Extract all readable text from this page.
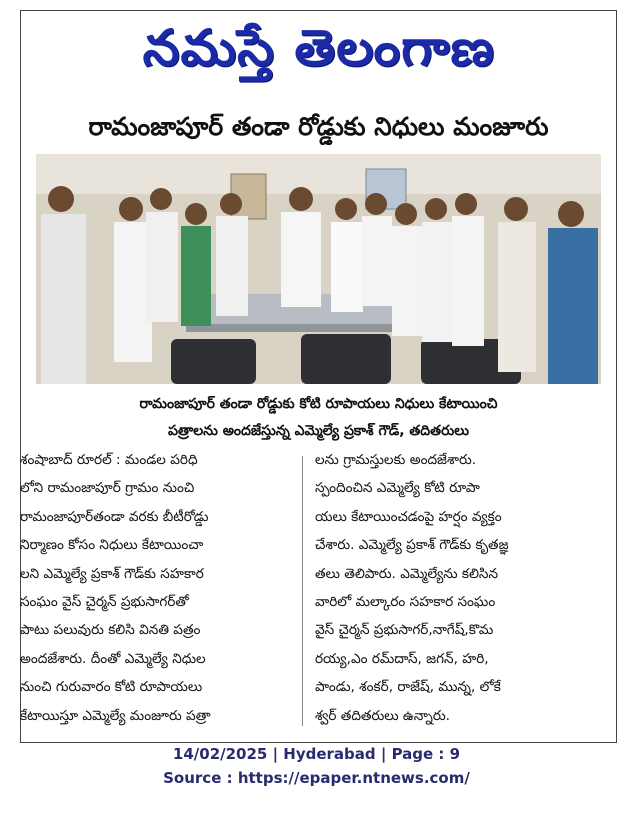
నమస్తే తెలంగాణ
రామంజాపూర్ తండా రోడ్డుకు నిధులు మంజూరు
రామంజాపూర్ తండా రోడ్డుకు కోటి రూపాయలు నిధులు కేటాయించి
పత్రాలను అందజేస్తున్న ఎమ్మెల్యే ప్రకాశ్ గౌడ్, తదితరులు
శంషాబాద్ రూరల్ : మండల పరిధి
లోని రామంజాపూర్ గ్రామం నుంచి
రామంజాపూర్‌తండా వరకు బీటీరోడ్డు
నిర్మాణం కోసం నిధులు కేటాయించా
లని ఎమ్మెల్యే ప్రకాశ్ గౌడ్‌కు సహకార
సంఘం వైస్ చైర్మన్ ప్రభుసాగర్‌తో
పాటు పలువురు కలిసి వినతి పత్రం
అందజేశారు. దీంతో ఎమ్మెల్యే నిధుల
నుంచి గురువారం కోటి రూపాయలు
కేటాయిస్తూ ఎమ్మెల్యే మంజూరు పత్రా
లను గ్రామస్తులకు అందజేశారు.
స్పందించిన ఎమ్మెల్యే కోటి రూపా
యలు కేటాయించడంపై హర్షం వ్యక్తం
చేశారు. ఎమ్మెల్యే ప్రకాశ్ గౌడ్‌కు కృతజ్ఞ
తలు తెలిపారు. ఎమ్మెల్యేను కలిసిన
వారిలో మల్కారం సహకార సంఘం
వైస్ చైర్మన్ ప్రభుసాగర్,నాగేష్,కొమ
రయ్య,ఎం రమ్‌దాస్, జగన్, హరి,
పాండు, శంకర్, రాజేష్, మున్న, లోకే
శ్వర్ తదితరులు ఉన్నారు.
14/02/2025 | Hyderabad | Page : 9
Source : https://epaper.ntnews.com/
